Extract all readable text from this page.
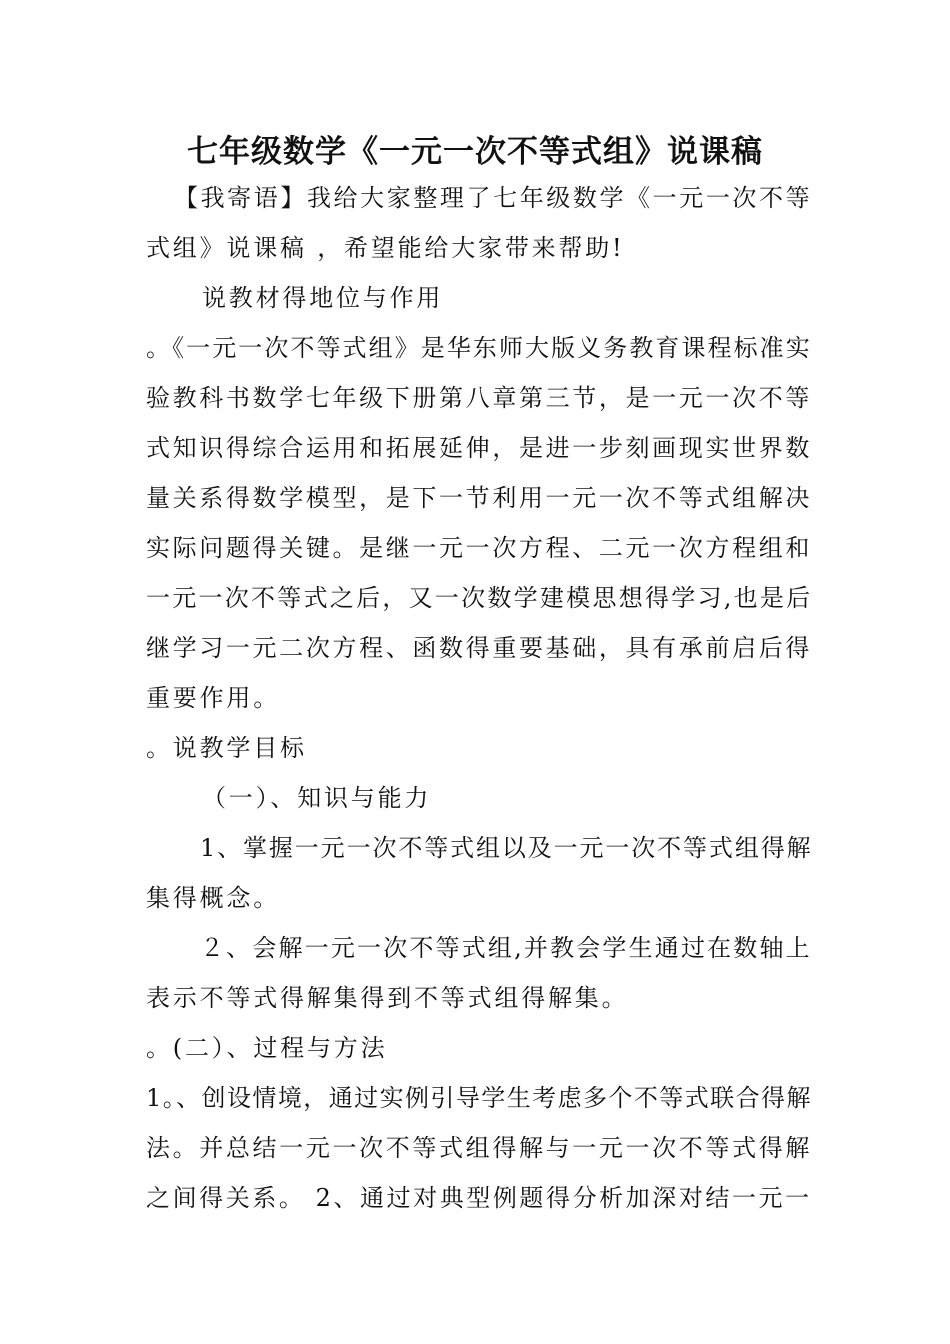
七年级数学《一元一次不等式组》说课稿
【我寄语】我给大家整理了七年级数学《一元一次不等
式组》说课稿 ，希望能给大家带来帮助!
说教材得地位与作用
。《一元一次不等式组》是华东师大版义务教育课程标准实
验教科书数学七年级下册第八章第三节，是一元一次不等
式知识得综合运用和拓展延伸，是进一步刻画现实世界数
量关系得数学模型，是下一节利用一元一次不等式组解决
实际问题得关键。是继一元一次方程、二元一次方程组和
一元一次不等式之后，又一次数学建模思想得学习,也是后
继学习一元二次方程、函数得重要基础，具有承前启后得
重要作用。
。说教学目标
（一）、知识与能力
1、掌握一元一次不等式组以及一元一次不等式组得解
集得概念。
２、会解一元一次不等式组,并教会学生通过在数轴上
表示不等式得解集得到不等式组得解集。
。(二）、过程与方法
1。、创设情境，通过实例引导学生考虑多个不等式联合得解
法。并总结一元一次不等式组得解与一元一次不等式得解
之间得关系。 2、通过对典型例题得分析加深对结一元一
